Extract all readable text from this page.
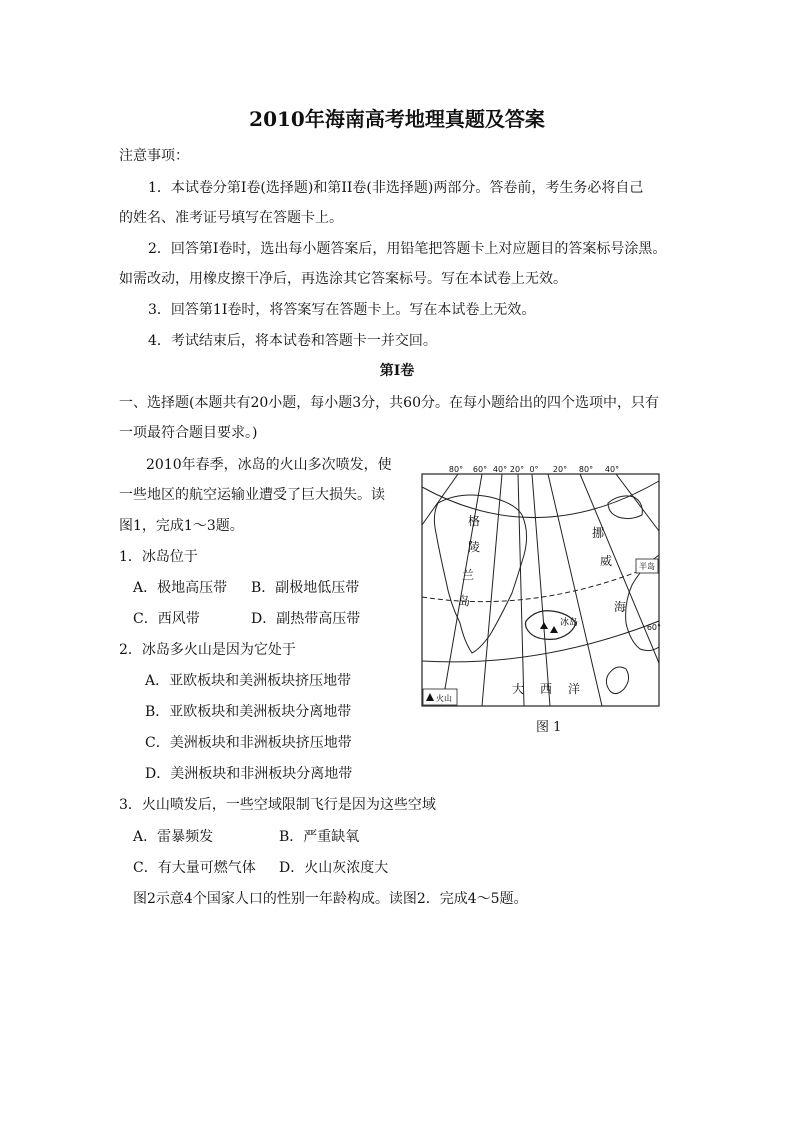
2010年海南高考地理真题及答案
注意事项：
1．本试卷分第Ⅰ卷(选择题)和第II卷(非选择题)两部分。答卷前，考生务必将自己
的姓名、准考证号填写在答题卡上。
2．回答第Ⅰ卷时，选出每小题答案后，用铅笔把答题卡上对应题目的答案标号涂黑。
如需改动，用橡皮擦干净后，再选涂其它答案标号。写在本试卷上无效。
3．回答第1I卷时，将答案写在答题卡上。写在本试卷上无效。
4．考试结束后，将本试卷和答题卡一并交回。
第Ⅰ卷
一、选择题(本题共有20小题，每小题3分，共60分。在每小题给出的四个选项中，只有
一项最符合题目要求。)
2010年春季，冰岛的火山多次喷发，使
一些地区的航空运输业遭受了巨大损失。读
图1，完成1～3题。
1．冰岛位于
A．极地高压带 B．副极地低压带
C．西风带	D．副热带高压带
2．冰岛多火山是因为它处于
A．亚欧板块和美洲板块挤压地带
B．亚欧板块和美洲板块分离地带
C．美洲板块和非洲板块挤压地带
D．美洲板块和非洲板块分离地带
3．火山喷发后，一些空域限制飞行是因为这些空域
A．雷暴频发	B．严重缺氧
C．有大量可燃气体 D．火山灰浓度大
图2示意4个国家人口的性别一年龄构成。读图2．完成4～5题。
半岛
80° 60° 40° 20° 0° 20°	40°
80°
60°
格
陵
兰
岛
挪
威
海
大 西 洋
冰岛
火山
图 1
